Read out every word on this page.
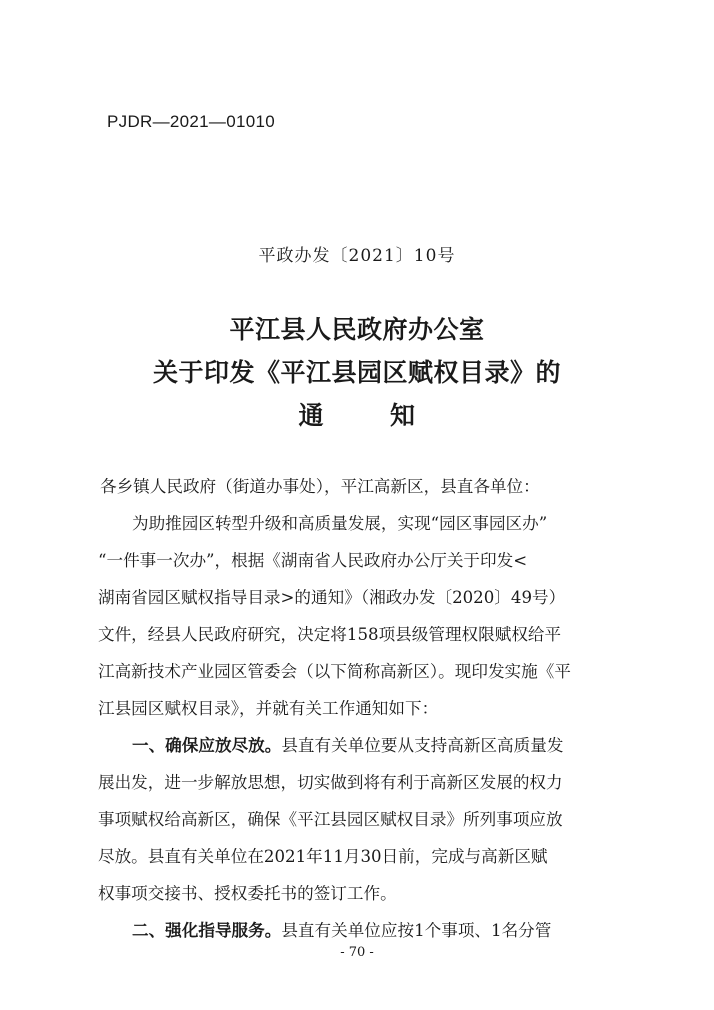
PJDR—2021—01010
平政办发〔2021〕10号
平江县人民政府办公室
关于印发《平江县园区赋权目录》的
通	知
各乡镇人民政府（街道办事处），平江高新区，县直各单位：
为助推园区转型升级和高质量发展，实现“园区事园区办”
“一件事一次办”，根据《湖南省人民政府办公厅关于印发<
湖南省园区赋权指导目录>的通知》（湘政办发〔2020〕49号）
文件，经县人民政府研究，决定将158项县级管理权限赋权给平
江高新技术产业园区管委会（以下简称高新区）。现印发实施《平
江县园区赋权目录》，并就有关工作通知如下：
一、确保应放尽放。县直有关单位要从支持高新区高质量发
展出发，进一步解放思想，切实做到将有利于高新区发展的权力
事项赋权给高新区，确保《平江县园区赋权目录》所列事项应放
尽放。县直有关单位在2021年11月30日前，完成与高新区赋
权事项交接书、授权委托书的签订工作。
二、强化指导服务。县直有关单位应按1个事项、1名分管
- 70 -
